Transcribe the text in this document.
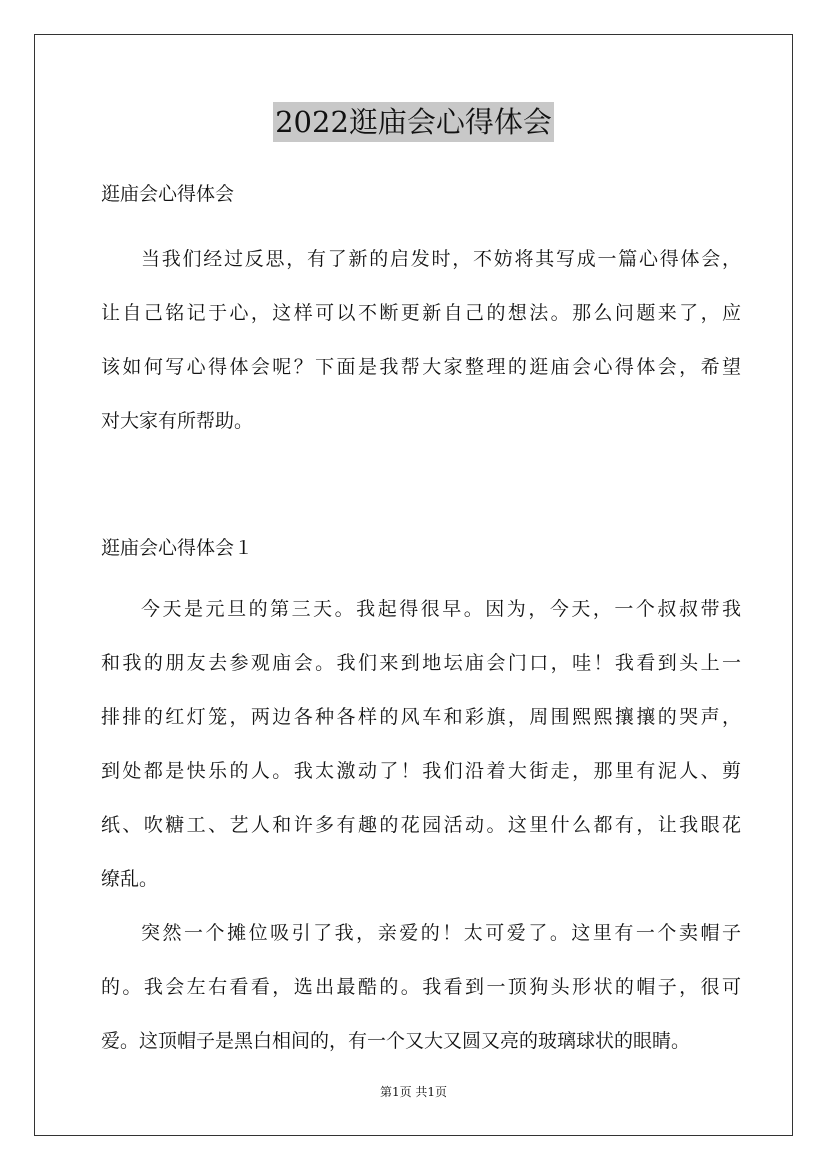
2022逛庙会心得体会
逛庙会心得体会
当我们经过反思，有了新的启发时，不妨将其写成一篇心得体会，
让自己铭记于心，这样可以不断更新自己的想法。那么问题来了，应
该如何写心得体会呢？下面是我帮大家整理的逛庙会心得体会，希望
对大家有所帮助。
逛庙会心得体会１
今天是元旦的第三天。我起得很早。因为，今天，一个叔叔带我
和我的朋友去参观庙会。我们来到地坛庙会门口，哇！我看到头上一
排排的红灯笼，两边各种各样的风车和彩旗，周围熙熙攘攘的哭声，
到处都是快乐的人。我太激动了！我们沿着大街走，那里有泥人、剪
纸、吹糖工、艺人和许多有趣的花园活动。这里什么都有，让我眼花
缭乱。
突然一个摊位吸引了我，亲爱的！太可爱了。这里有一个卖帽子
的。我会左右看看，选出最酷的。我看到一顶狗头形状的帽子，很可
爱。这顶帽子是黑白相间的，有一个又大又圆又亮的玻璃球状的眼睛。
第1页 共1页
